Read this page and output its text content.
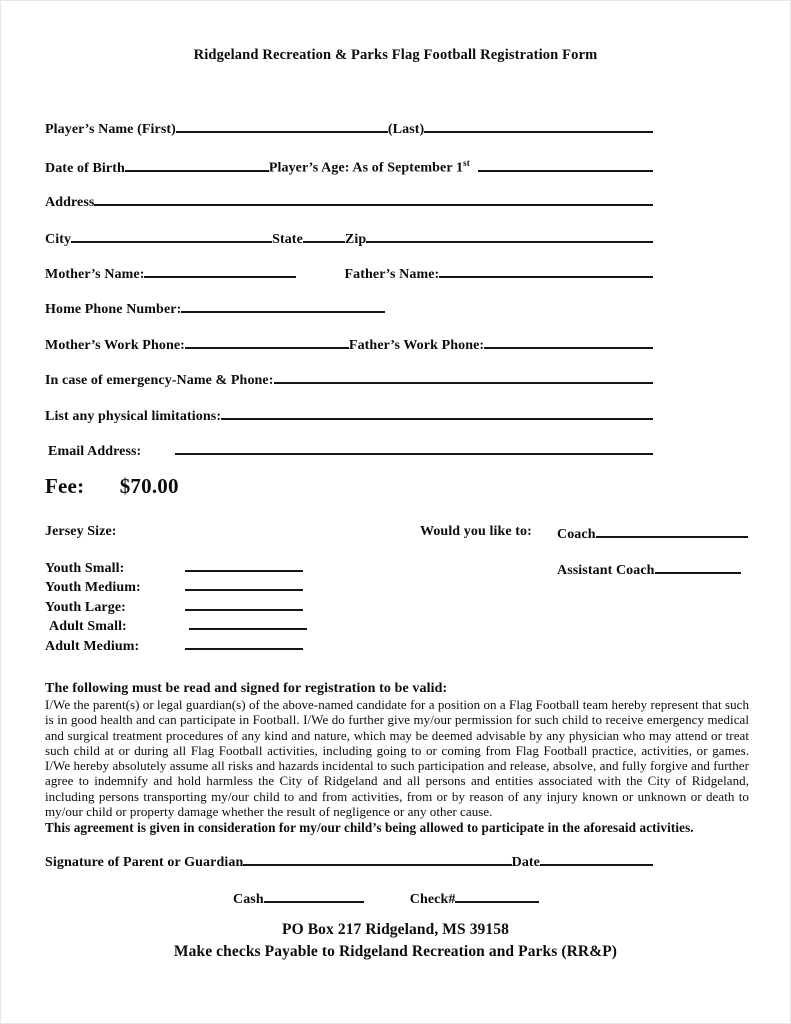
Ridgeland Recreation & Parks Flag Football Registration Form
Player’s Name (First)	(Last)
Date of Birth	Player’s Age: As of September 1st
Address
City	State	Zip
Mother’s Name:	Father’s Name:
Home Phone Number:
Mother’s Work Phone:	Father’s Work Phone:
In case of emergency-Name & Phone:
List any physical limitations:
Email Address:
Fee: $70.00
Jersey Size:	Would you like to: Coach
Assistant Coach
Youth Small:
Youth Medium:
Youth Large:
Adult Small:
Adult Medium:
The following must be read and signed for registration to be valid:
I/We the parent(s) or legal guardian(s) of the above-named candidate for a position on a Flag Football team hereby represent that such is in good health and can participate in Football. I/We do further give my/our permission for such child to receive emergency medical and surgical treatment procedures of any kind and nature, which may be deemed advisable by any physician who may attend or treat such child at or during all Flag Football activities, including going to or coming from Flag Football practice, activities, or games. I/We hereby absolutely assume all risks and hazards incidental to such participation and release, absolve, and fully forgive and further agree to indemnify and hold harmless the City of Ridgeland and all persons and entities associated with the City of Ridgeland, including persons transporting my/our child to and from activities, from or by reason of any injury known or unknown or death to my/our child or property damage whether the result of negligence or any other cause.
This agreement is given in consideration for my/our child’s being allowed to participate in the aforesaid activities.
Signature of Parent or Guardian	Date
Cash	Check#
PO Box 217 Ridgeland, MS 39158
Make checks Payable to Ridgeland Recreation and Parks (RR&P)
